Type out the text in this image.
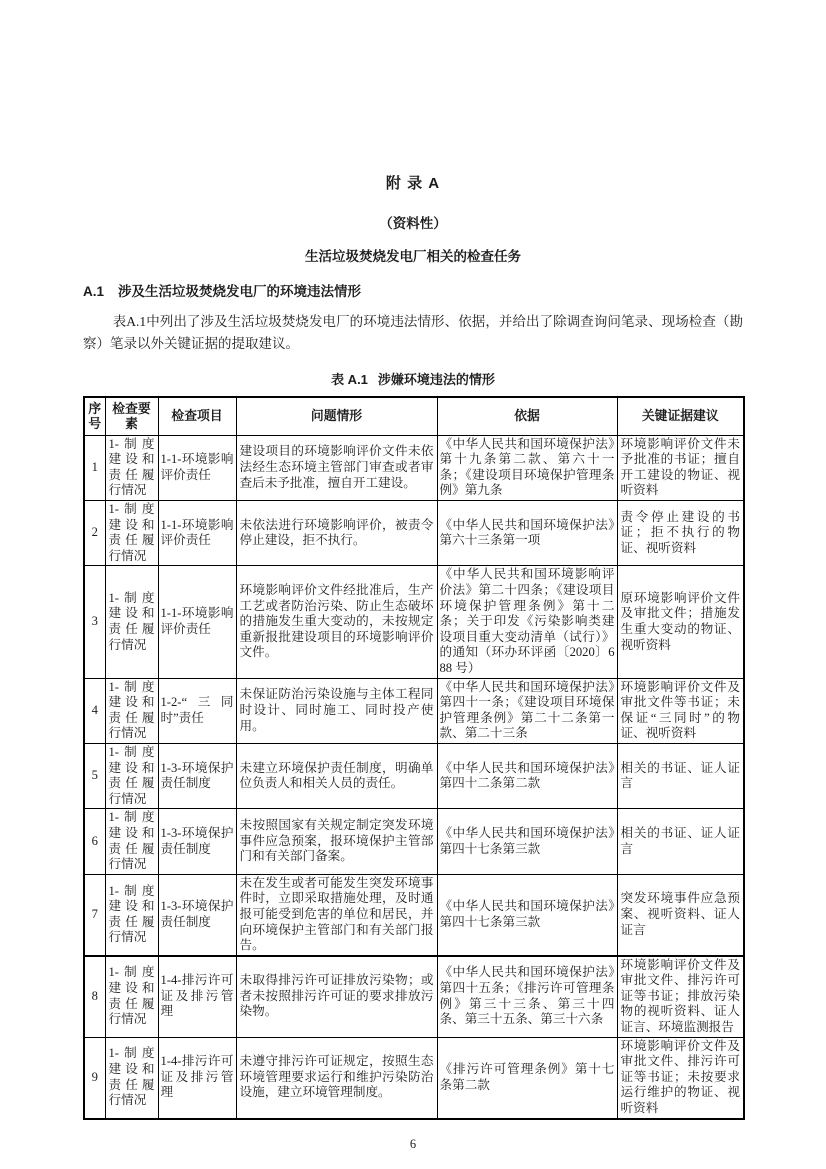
附 录 A
（资料性）
生活垃圾焚烧发电厂相关的检查任务
A.1 涉及生活垃圾焚烧发电厂的环境违法情形

表A.1中列出了涉及生活垃圾焚烧发电厂的环境违法情形、依据，并给出了除调查询问笔录、现场检查（勘察）笔录以外关键证据的提取建议。

表 A.1 涉嫌环境违法的情形
序号	检查要素	检查项目	问题情形	依据	关键证据建议
1	1-制度建设和责任履行情况	1-1-环境影响评价责任	建设项目的环境影响评价文件未依法经生态环境主管部门审查或者审查后未予批准，擅自开工建设。	《中华人民共和国环境保护法》第十九条第二款、第六十一条；《建设项目环境保护管理条例》第九条	环境影响评价文件未予批准的书证；擅自开工建设的物证、视听资料
2	1-制度建设和责任履行情况	1-1-环境影响评价责任	未依法进行环境影响评价，被责令停止建设，拒不执行。	《中华人民共和国环境保护法》第六十三条第一项	责令停止建设的书证；拒不执行的物证、视听资料
3	1-制度建设和责任履行情况	1-1-环境影响评价责任	环境影响评价文件经批准后，生产工艺或者防治污染、防止生态破坏的措施发生重大变动的，未按规定重新报批建设项目的环境影响评价文件。	《中华人民共和国环境影响评价法》第二十四条；《建设项目环境保护管理条例》第十二条；关于印发《污染影响类建设项目重大变动清单（试行）》的通知（环办环评函〔2020〕688 号）	原环境影响评价文件及审批文件；措施发生重大变动的物证、视听资料
4	1-制度建设和责任履行情况	1-2-“三同时”责任	未保证防治污染设施与主体工程同时设计、同时施工、同时投产使用。	《中华人民共和国环境保护法》第四十一条；《建设项目环境保护管理条例》第二十二条第一款、第二十三条	环境影响评价文件及审批文件等书证；未保证“三同时”的物证、视听资料
5	1-制度建设和责任履行情况	1-3-环境保护责任制度	未建立环境保护责任制度，明确单位负责人和相关人员的责任。	《中华人民共和国环境保护法》第四十二条第二款	相关的书证、证人证言
6	1-制度建设和责任履行情况	1-3-环境保护责任制度	未按照国家有关规定制定突发环境事件应急预案，报环境保护主管部门和有关部门备案。	《中华人民共和国环境保护法》第四十七条第三款	相关的书证、证人证言
7	1-制度建设和责任履行情况	1-3-环境保护责任制度	未在发生或者可能发生突发环境事件时，立即采取措施处理，及时通报可能受到危害的单位和居民，并向环境保护主管部门和有关部门报告。	《中华人民共和国环境保护法》第四十七条第三款	突发环境事件应急预案、视听资料、证人证言
8	1-制度建设和责任履行情况	1-4-排污许可证及排污管理	未取得排污许可证排放污染物；或者未按照排污许可证的要求排放污染物。	《中华人民共和国环境保护法》第四十五条；《排污许可管理条例》第三十三条、第三十四条、第三十五条、第三十六条	环境影响评价文件及审批文件、排污许可证等书证；排放污染物的视听资料、证人证言、环境监测报告
9	1-制度建设和责任履行情况	1-4-排污许可证及排污管理	未遵守排污许可证规定，按照生态环境管理要求运行和维护污染防治设施，建立环境管理制度。	《排污许可管理条例》第十七条第二款	环境影响评价文件及审批文件、排污许可证等书证；未按要求运行维护的物证、视听资料
6
